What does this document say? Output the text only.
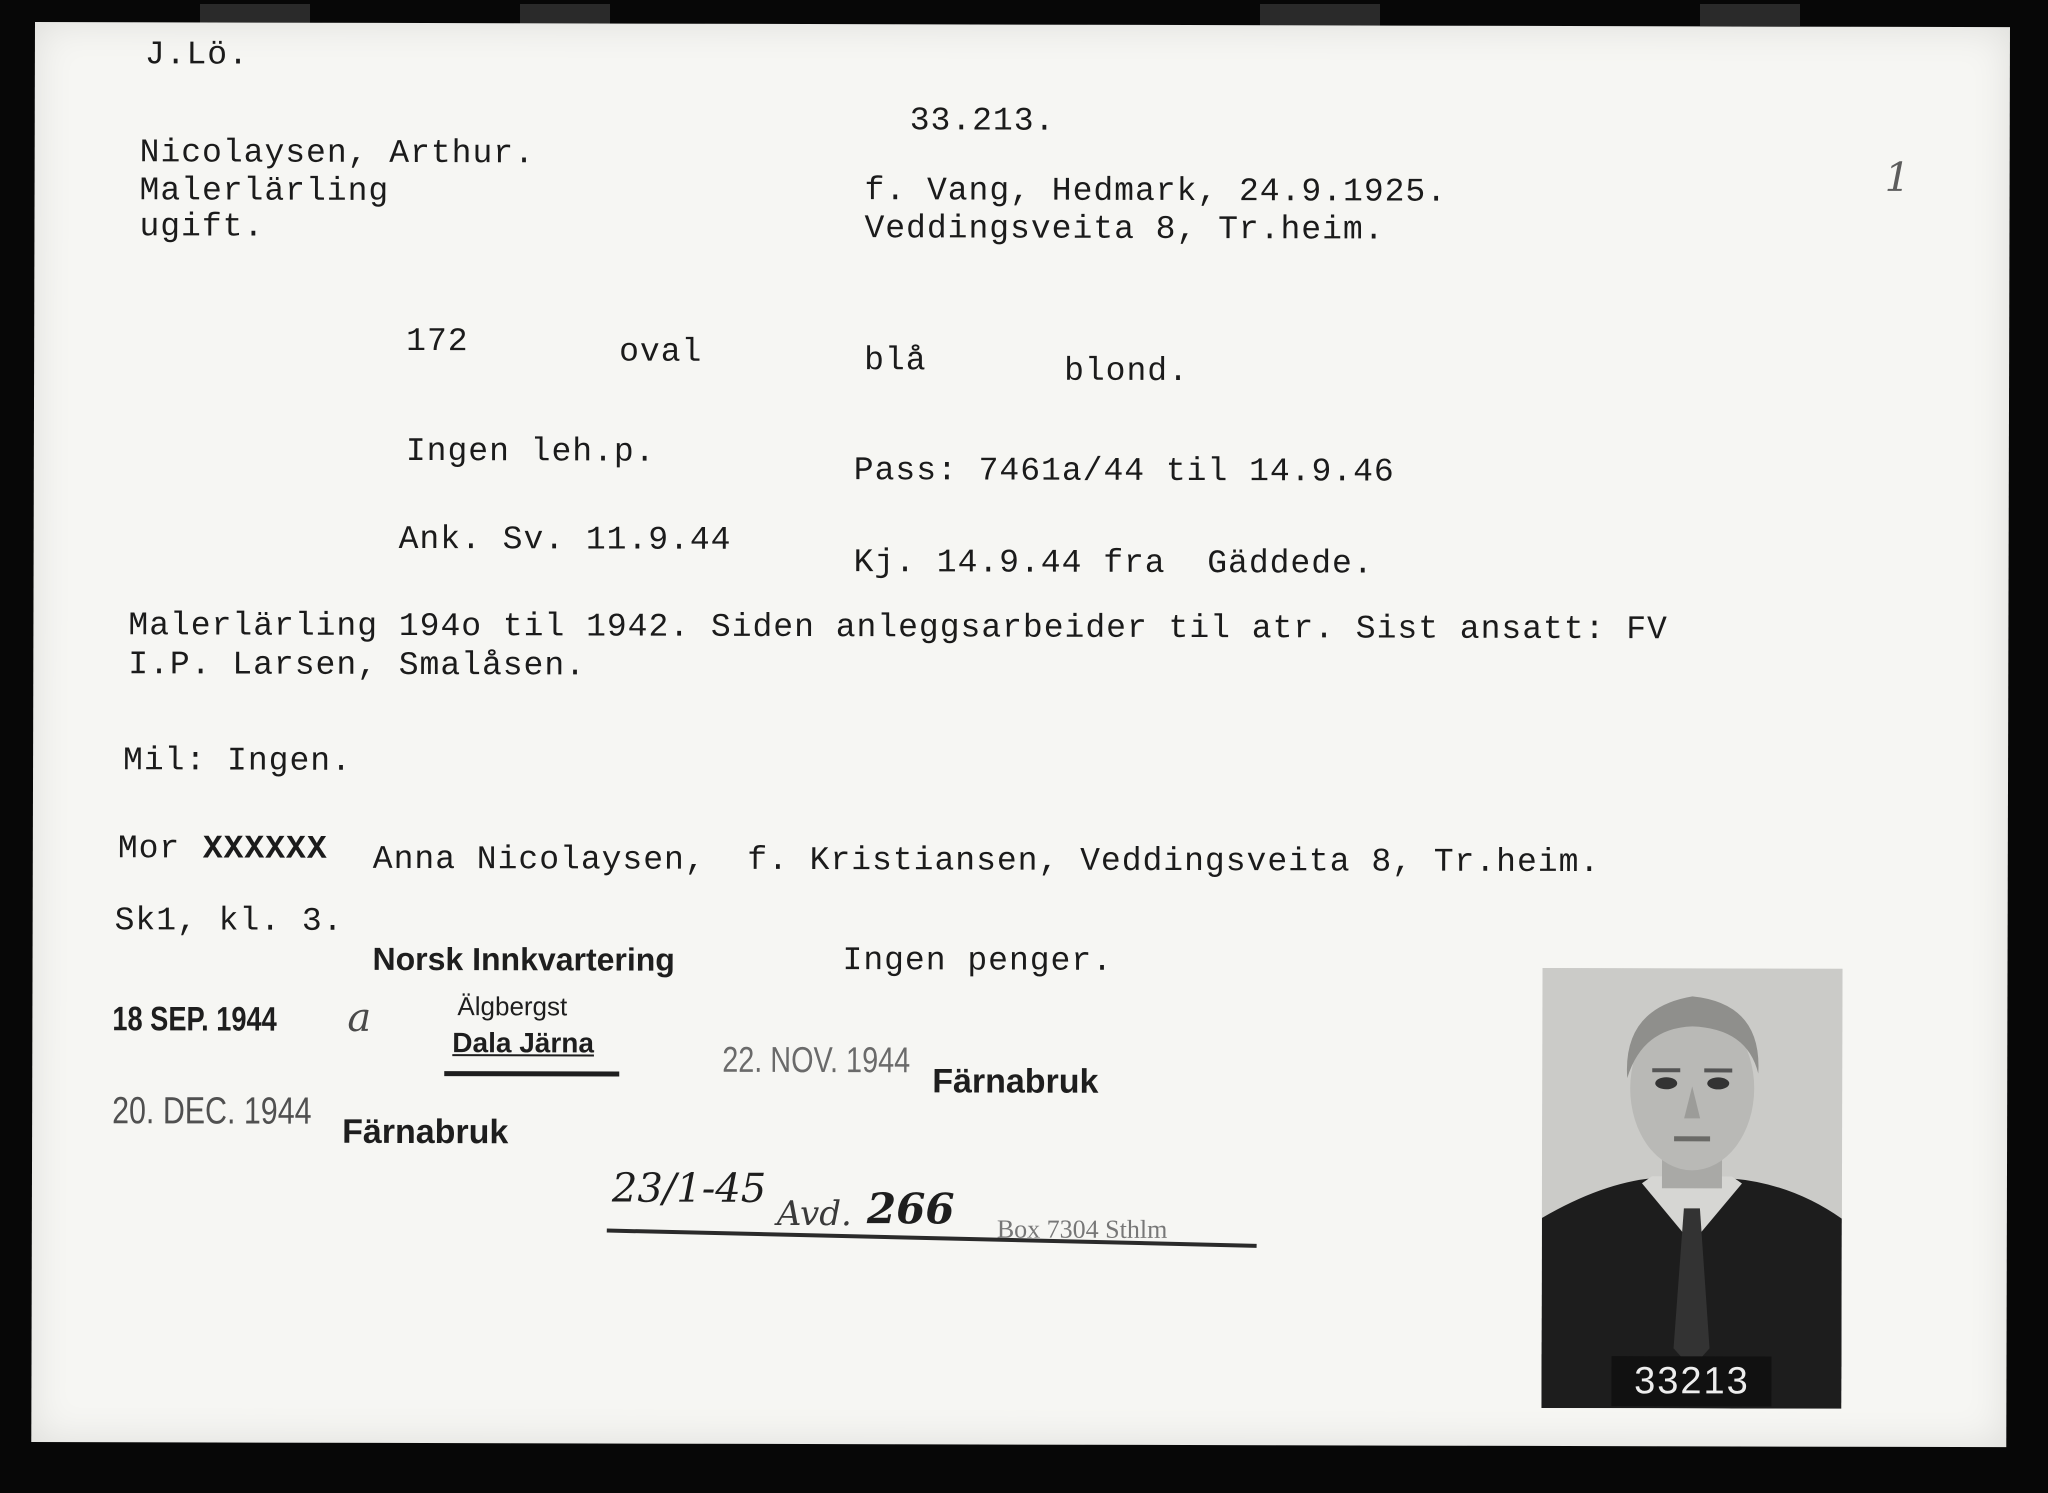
J.Lö.
33.213.
1
Nicolaysen, Arthur.
Malerlärling
ugift.
f. Vang, Hedmark, 24.9.1925.
Veddingsveita 8, Tr.heim.
172	oval	blå	blond.
Ingen leh.p.
Pass: 7461a/44 til 14.9.46
Ank. Sv. 11.9.44
Kj. 14.9.44 fra  Gäddede.
Malerlärling 194o til 1942. Siden anleggsarbeider til atr. Sist ansatt: FV
I.P. Larsen, Smalåsen.
Mil: Ingen.
Mor XXXXXX Anna Nicolaysen,  f. Kristiansen, Veddingsveita 8, Tr.heim.
Sk1, kl. 3.
Ingen penger.
Norsk Innkvartering
Älgbergst
Dala Järna
18 SEP. 1944 a
22. NOV. 1944
Färnabruk
20. DEC. 1944 Färnabruk
23/1-45
Avd. 266 Box 7304 Sthlm
33213
